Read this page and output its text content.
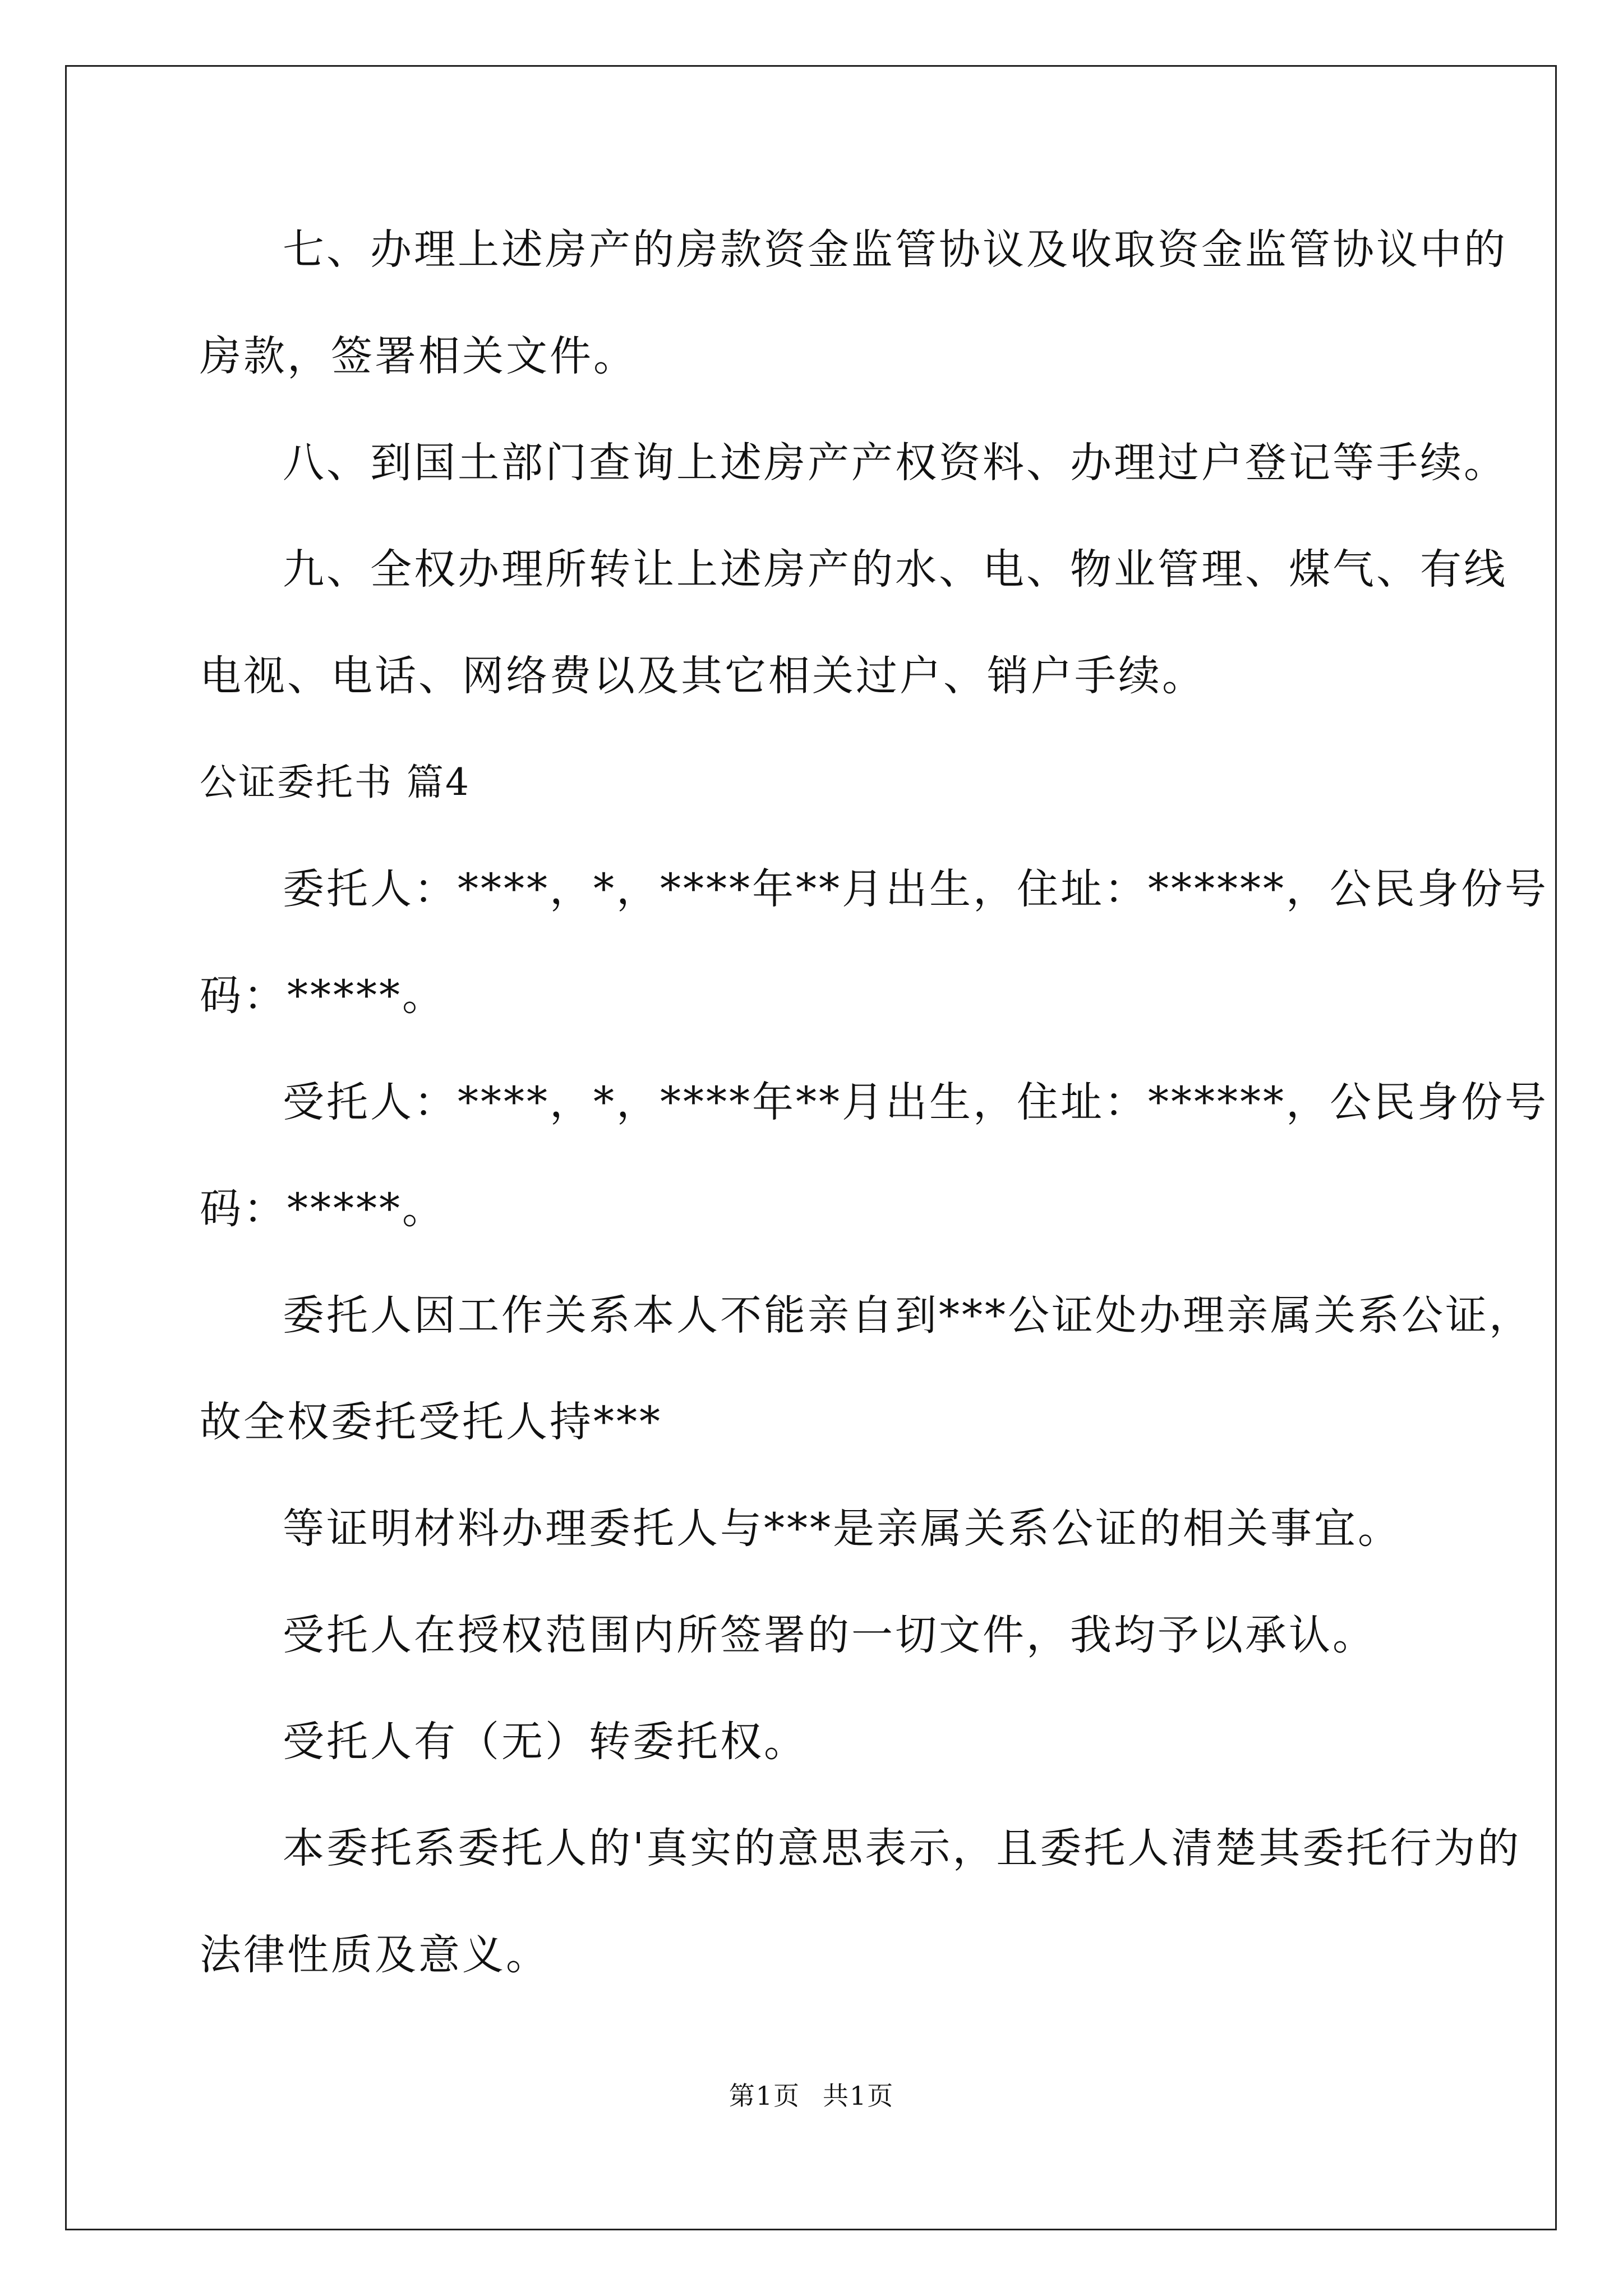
七、办理上述房产的房款资金监管协议及收取资金监管协议中的
房款，签署相关文件。

八、到国土部门查询上述房产产权资料、办理过户登记等手续。

九、全权办理所转让上述房产的水、电、物业管理、煤气、有线
电视、电话、网络费以及其它相关过户、销户手续。

公证委托书 篇4

委托人：****，*，****年**月出生，住址：******，公民身份号
码：*****。

受托人：****，*，****年**月出生，住址：******，公民身份号
码：*****。

委托人因工作关系本人不能亲自到***公证处办理亲属关系公证，
故全权委托受托人持***

等证明材料办理委托人与***是亲属关系公证的相关事宜。

受托人在授权范围内所签署的一切文件，我均予以承认。

受托人有（无）转委托权。

本委托系委托人的'真实的意思表示，且委托人清楚其委托行为的
法律性质及意义。

第1页 共1页
